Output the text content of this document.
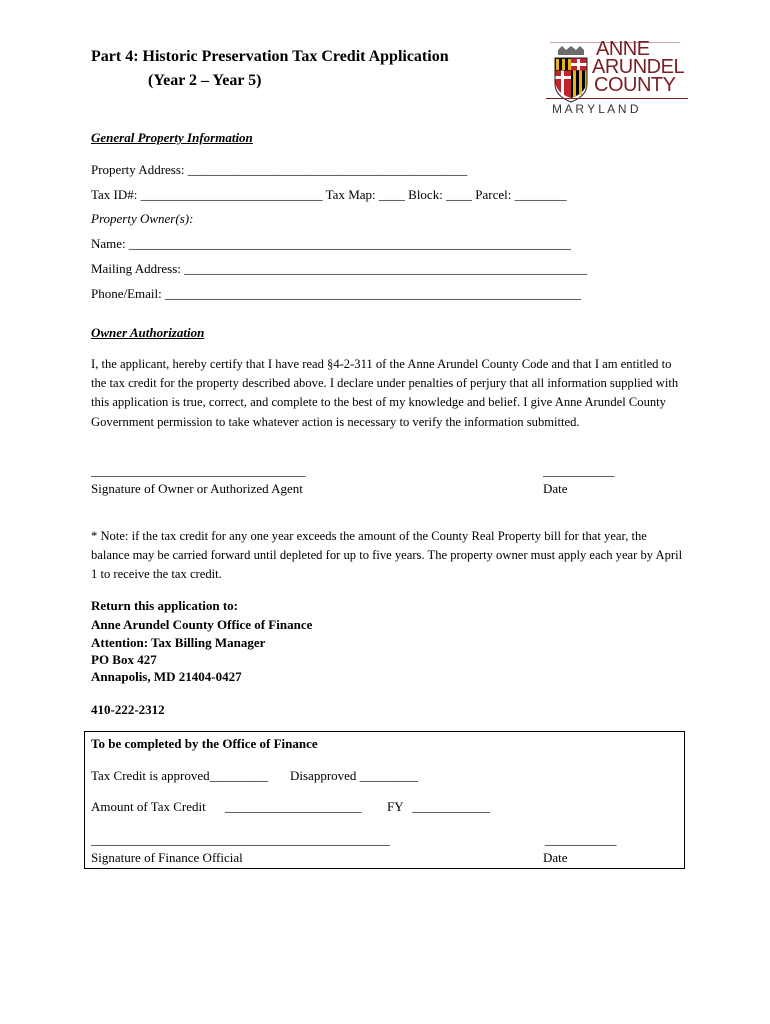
Part 4: Historic Preservation Tax Credit Application
(Year 2 – Year 5)
ANNE
ARUNDEL
COUNTY
M A R Y L A N D
General Property Information
Property Address: ___________________________________________
Tax ID#: ____________________________ Tax Map: ____ Block: ____ Parcel: ________
Property Owner(s):
Name: ____________________________________________________________________
Mailing Address: ______________________________________________________________
Phone/Email: ________________________________________________________________
Owner Authorization
I, the applicant, hereby certify that I have read §4-2-311 of the Anne Arundel County Code and that I am entitled to the tax credit for the property described above. I declare under penalties of perjury that all information supplied with this application is true, correct, and complete to the best of my knowledge and belief. I give Anne Arundel County Government permission to take whatever action is necessary to verify the information submitted.
_________________________________
Signature of Owner or Authorized Agent
___________
Date
* Note: if the tax credit for any one year exceeds the amount of the County Real Property bill for that year, the balance may be carried forward until depleted for up to five years. The property owner must apply each year by April 1 to receive the tax credit.
Return this application to:
Anne Arundel County Office of Finance
Attention: Tax Billing Manager
PO Box 427
Annapolis, MD 21404-0427
410-222-2312
To be completed by the Office of Finance
Tax Credit is approved_________ Disapproved _________
Amount of Tax Credit _____________________ FY ____________
______________________________________________
Signature of Finance Official
___________
Date
